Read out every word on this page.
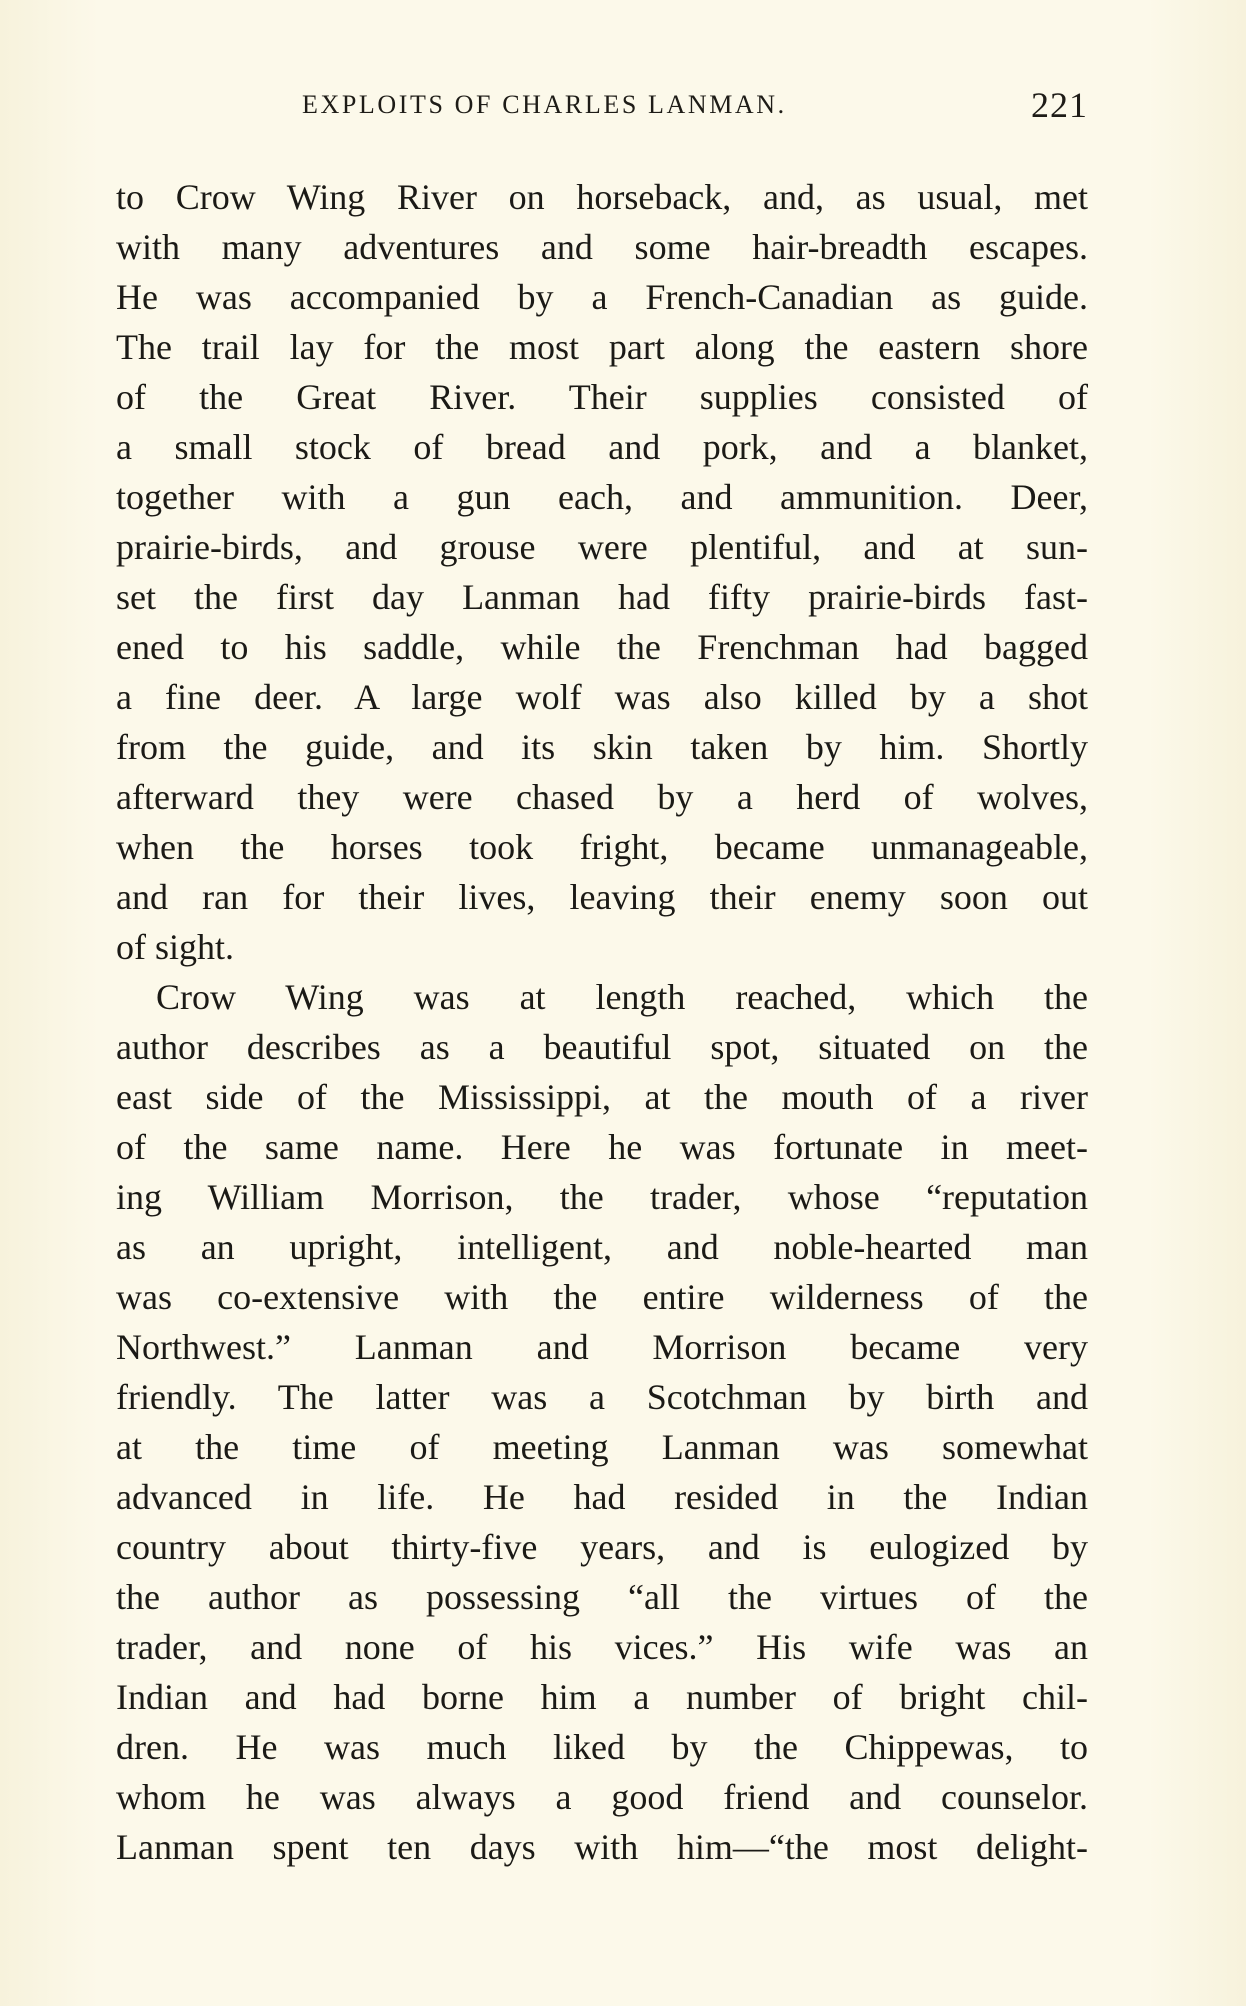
EXPLOITS OF CHARLES LANMAN.	221
to Crow Wing River on horseback, and, as usual, met
with many adventures and some hair-breadth escapes.
He was accompanied by a French-Canadian as guide.
The trail lay for the most part along the eastern shore
of the Great River. Their supplies consisted of
a small stock of bread and pork, and a blanket,
together with a gun each, and ammunition. Deer,
prairie-birds, and grouse were plentiful, and at sun-
set the first day Lanman had fifty prairie-birds fast-
ened to his saddle, while the Frenchman had bagged
a fine deer. A large wolf was also killed by a shot
from the guide, and its skin taken by him. Shortly
afterward they were chased by a herd of wolves,
when the horses took fright, became unmanageable,
and ran for their lives, leaving their enemy soon out
of sight.
Crow Wing was at length reached, which the
author describes as a beautiful spot, situated on the
east side of the Mississippi, at the mouth of a river
of the same name. Here he was fortunate in meet-
ing William Morrison, the trader, whose “reputation
as an upright, intelligent, and noble-hearted man
was co-extensive with the entire wilderness of the
Northwest.” Lanman and Morrison became very
friendly. The latter was a Scotchman by birth and
at the time of meeting Lanman was somewhat
advanced in life. He had resided in the Indian
country about thirty-five years, and is eulogized by
the author as possessing “all the virtues of the
trader, and none of his vices.” His wife was an
Indian and had borne him a number of bright chil-
dren. He was much liked by the Chippewas, to
whom he was always a good friend and counselor.
Lanman spent ten days with him—“the most delight-
